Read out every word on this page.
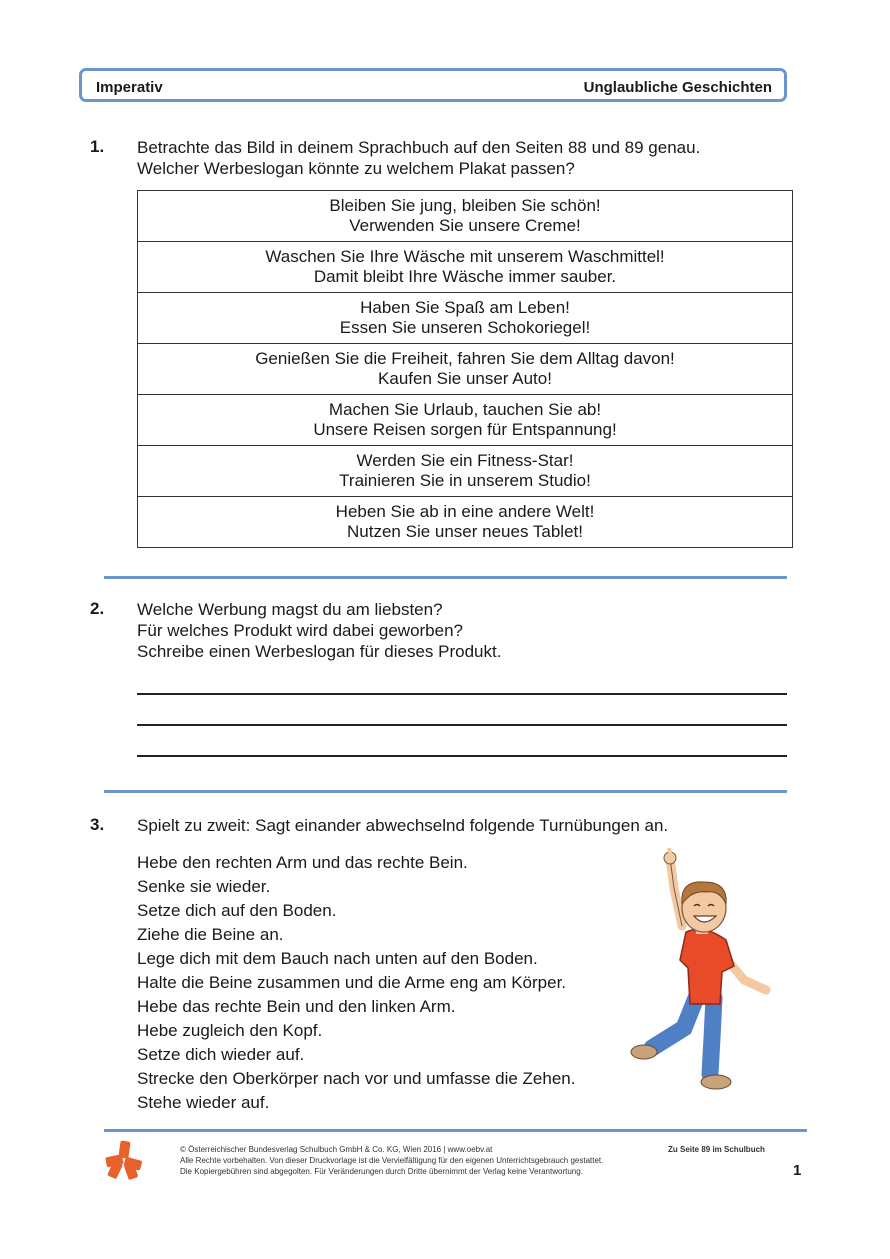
Imperativ	Unglaubliche Geschichten
1. Betrachte das Bild in deinem Sprachbuch auf den Seiten 88 und 89 genau.
Welcher Werbeslogan könnte zu welchem Plakat passen?
Bleiben Sie jung, bleiben Sie schön!
Verwenden Sie unsere Creme!

Waschen Sie Ihre Wäsche mit unserem Waschmittel!
Damit bleibt Ihre Wäsche immer sauber.

Haben Sie Spaß am Leben!
Essen Sie unseren Schokoriegel!

Genießen Sie die Freiheit, fahren Sie dem Alltag davon!
Kaufen Sie unser Auto!

Machen Sie Urlaub, tauchen Sie ab!
Unsere Reisen sorgen für Entspannung!

Werden Sie ein Fitness-Star!
Trainieren Sie in unserem Studio!

Heben Sie ab in eine andere Welt!
Nutzen Sie unser neues Tablet!
2. Welche Werbung magst du am liebsten?
Für welches Produkt wird dabei geworben?
Schreibe einen Werbeslogan für dieses Produkt.
3. Spielt zu zweit: Sagt einander abwechselnd folgende Turnübungen an.
Hebe den rechten Arm und das rechte Bein.
Senke sie wieder.
Setze dich auf den Boden.
Ziehe die Beine an.
Lege dich mit dem Bauch nach unten auf den Boden.
Halte die Beine zusammen und die Arme eng am Körper.
Hebe das rechte Bein und den linken Arm.
Hebe zugleich den Kopf.
Setze dich wieder auf.
Strecke den Oberkörper nach vor und umfasse die Zehen.
Stehe wieder auf.
© Österreichischer Bundesverlag Schulbuch GmbH & Co. KG, Wien 2016 | www.oebv.at
Alle Rechte vorbehalten. Von dieser Druckvorlage ist die Vervielfältigung für den eigenen Unterrichtsgebrauch gestattet.
Die Kopiergebühren sind abgegolten. Für Veränderungen durch Dritte übernimmt der Verlag keine Verantwortung.
Zu Seite 89 im Schulbuch
1
